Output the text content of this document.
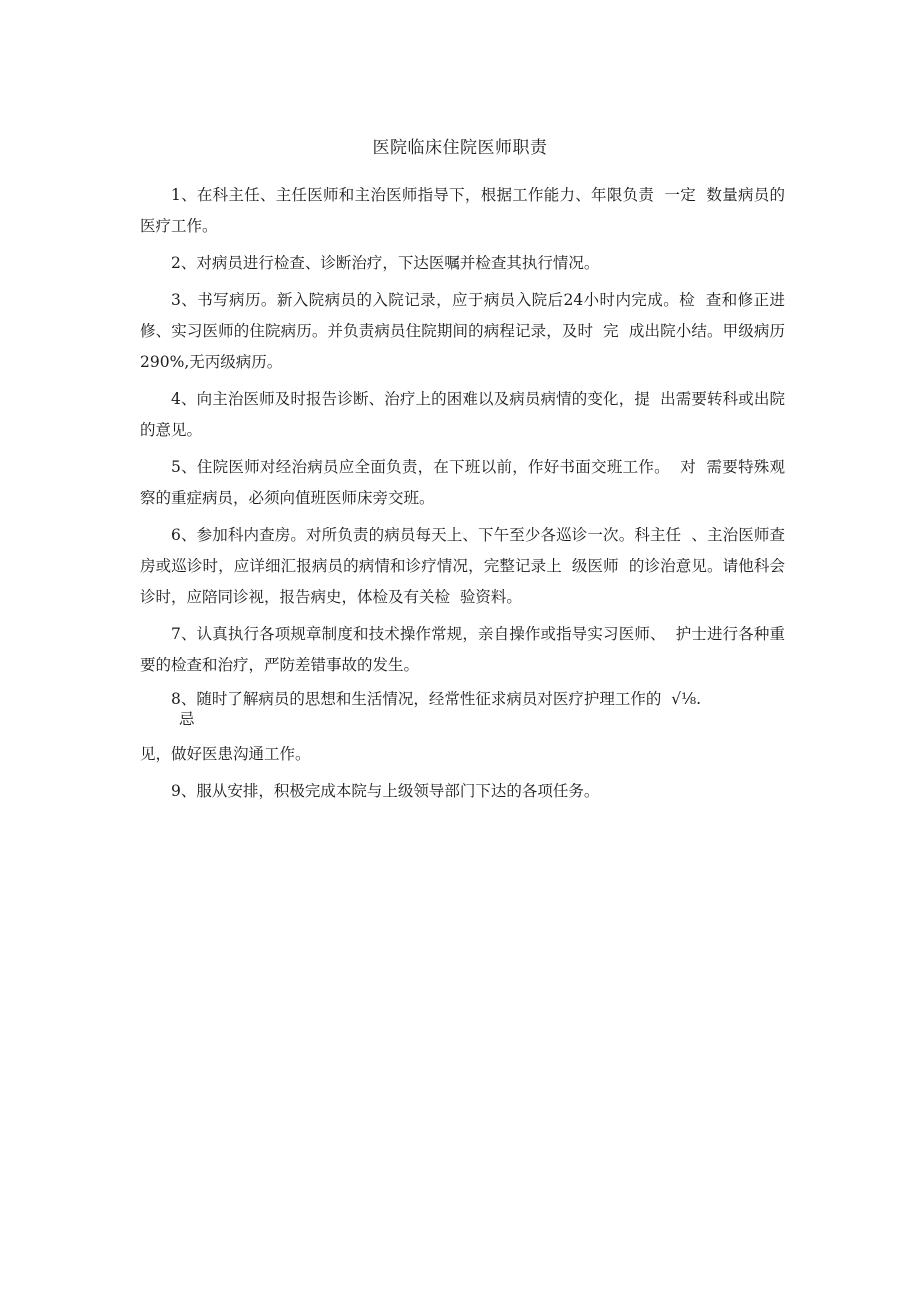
医院临床住院医师职责

1、在科主任、主任医师和主治医师指导下，根据工作能力、年限负责  一定  数量病员的医疗工作。

2、对病员进行检查、诊断治疗，下达医嘱并检查其执行情况。

3、书写病历。新入院病员的入院记录，应于病员入院后24小时内完成。检  查和修正进修、实习医师的住院病历。并负责病员住院期间的病程记录，及时  完  成出院小结。甲级病历290%,无丙级病历。

4、向主治医师及时报告诊断、治疗上的困难以及病员病情的变化，提  出需要转科或出院的意见。

5、住院医师对经治病员应全面负责，在下班以前，作好书面交班工作。  对  需要特殊观察的重症病员，必须向值班医师床旁交班。

6、参加科内查房。对所负责的病员每天上、下午至少各巡诊一次。科主任  、主治医师查房或巡诊时，应详细汇报病员的病情和诊疗情况，完整记录上  级医师  的诊治意见。请他科会诊时，应陪同诊视，报告病史，体检及有关检  验资料。

7、认真执行各项规章制度和技术操作常规，亲自操作或指导实习医师、  护士进行各种重要的检查和治疗，严防差错事故的发生。

8、随时了解病员的思想和生活情况，经常性征求病员对医疗护理工作的  √⅛.
忌
见，做好医患沟通工作。

9、服从安排，积极完成本院与上级领导部门下达的各项任务。
